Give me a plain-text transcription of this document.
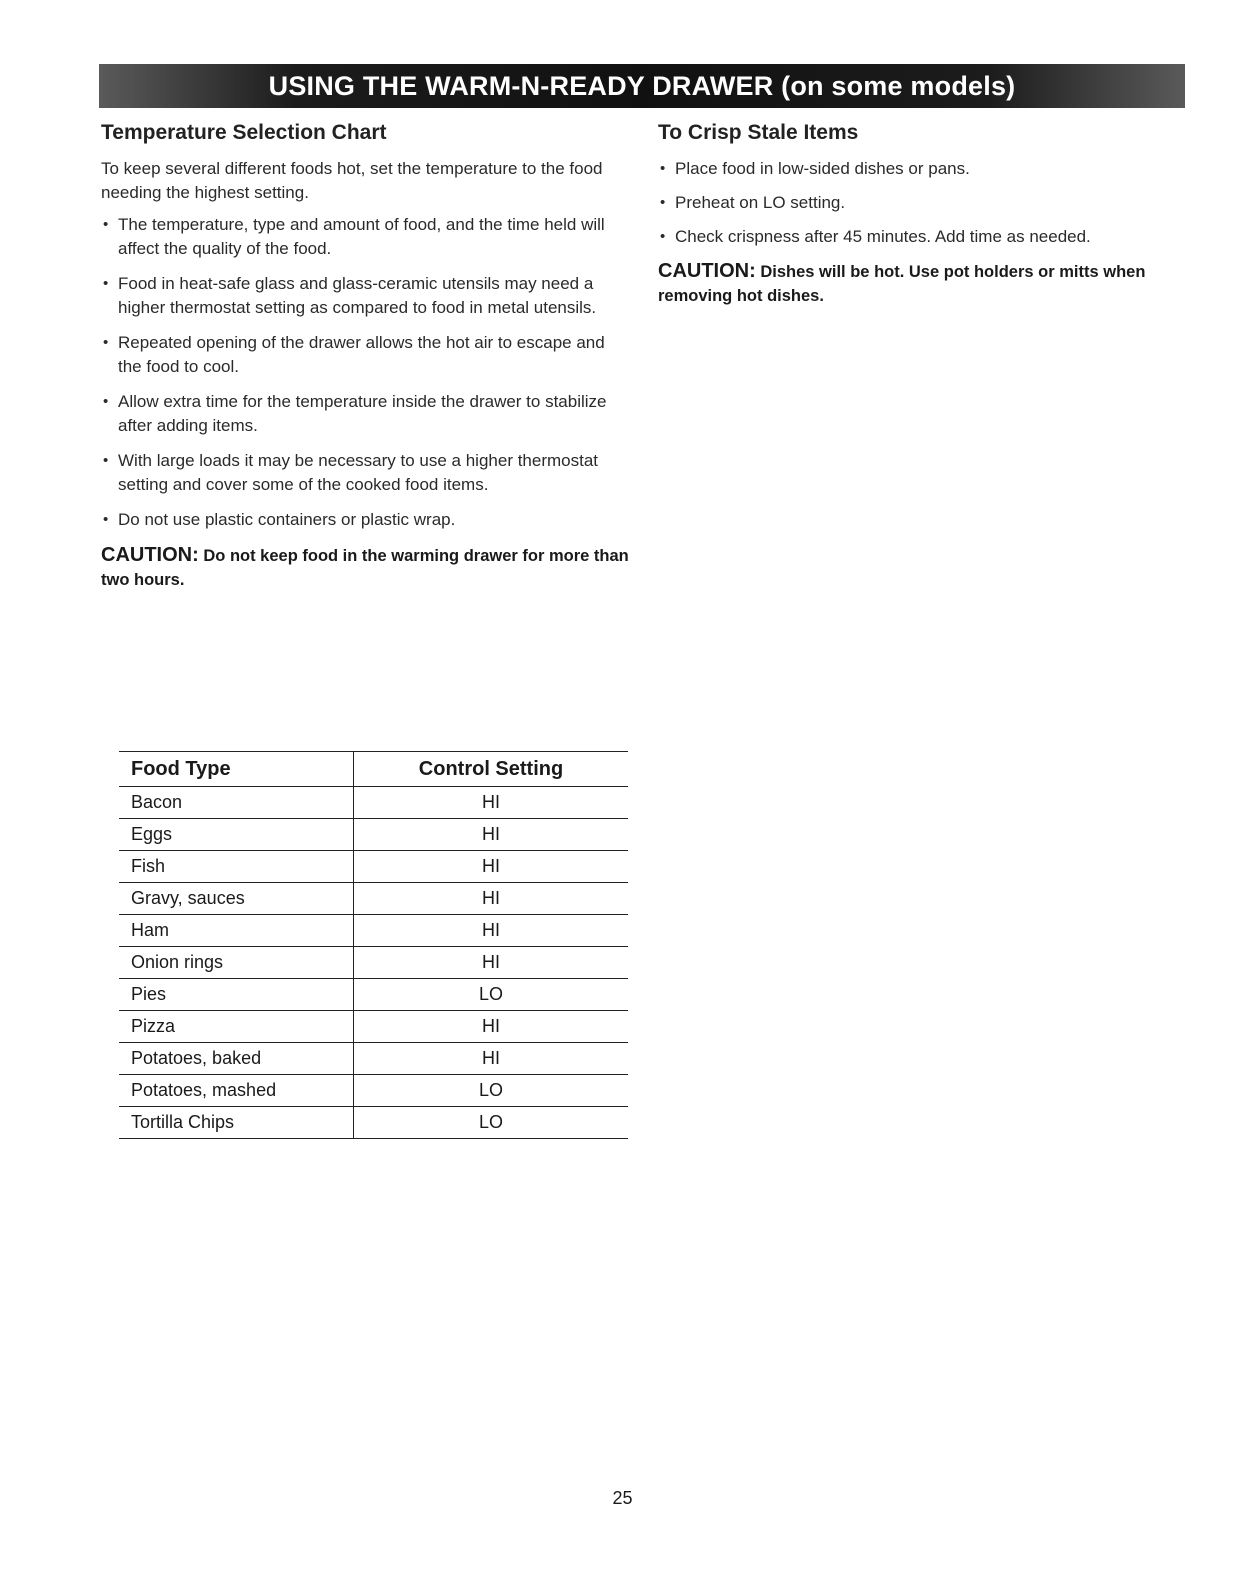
USING THE WARM-N-READY DRAWER (on some models)
Temperature Selection Chart

To keep several different foods hot, set the temperature to the food needing the highest setting.

• The temperature, type and amount of food, and the time held will affect the quality of the food.
• Food in heat-safe glass and glass-ceramic utensils may need a higher thermostat setting as compared to food in metal utensils.
• Repeated opening of the drawer allows the hot air to escape and the food to cool.
• Allow extra time for the temperature inside the drawer to stabilize after adding items.
• With large loads it may be necessary to use a higher thermostat setting and cover some of the cooked food items.
• Do not use plastic containers or plastic wrap.

CAUTION: Do not keep food in the warming drawer for more than two hours.

To Crisp Stale Items
• Place food in low-sided dishes or pans.
• Preheat on LO setting.
• Check crispness after 45 minutes. Add time as needed.

CAUTION: Dishes will be hot. Use pot holders or mitts when removing hot dishes.

Food Type	Control Setting
Bacon	HI
Eggs	HI
Fish	HI
Gravy, sauces	HI
Ham	HI
Onion rings	HI
Pies	LO
Pizza	HI
Potatoes, baked	HI
Potatoes, mashed	LO
Tortilla Chips	LO
25
